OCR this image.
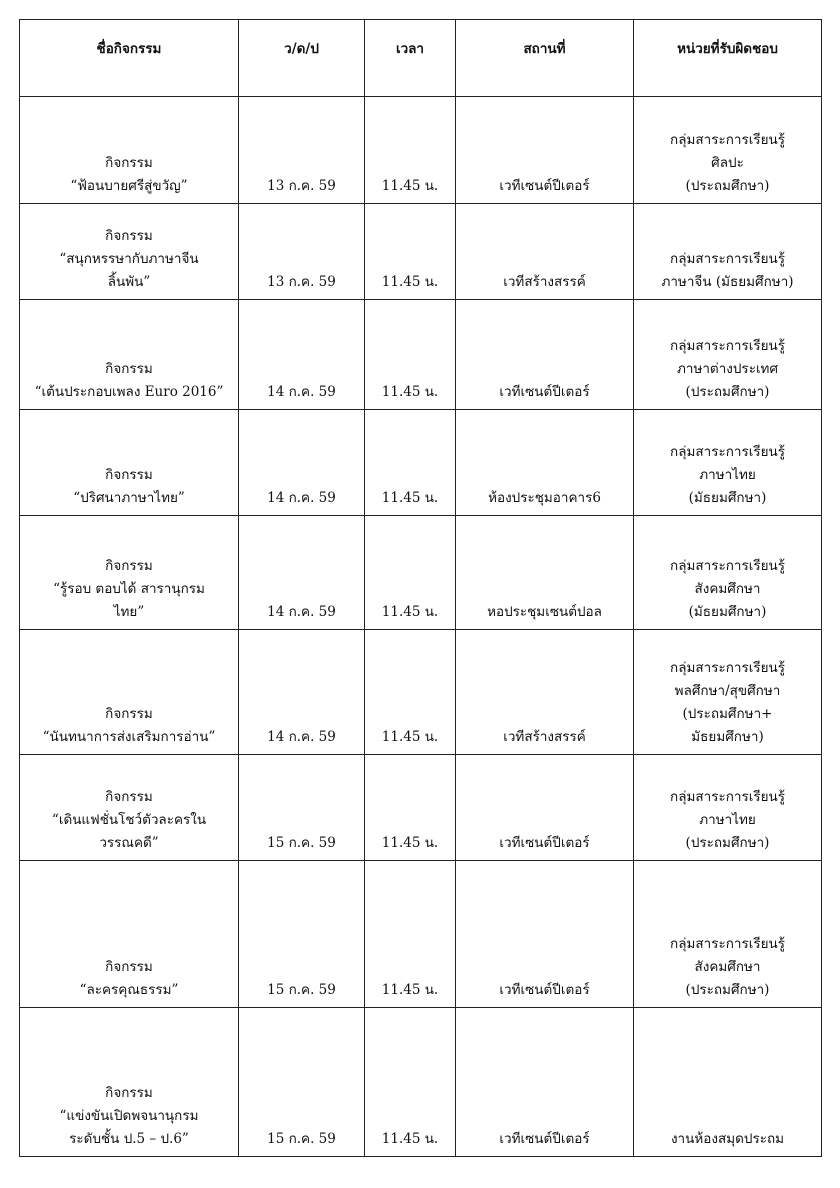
ชื่อกิจกรรม	ว/ด/ป	เวลา	สถานที่	หน่วยที่รับผิดชอบ

กิจกรรม
“ฟ้อนบายศรีสู่ขวัญ”	13 ก.ค. 59	11.45 น.	เวทีเซนต์ปีเตอร์	กลุ่มสาระการเรียนรู้
ศิลปะ
(ประถมศึกษา)

กิจกรรม
“สนุกหรรษากับภาษาจีน
ลิ้นพัน”	13 ก.ค. 59	11.45 น.	เวทีสร้างสรรค์	กลุ่มสาระการเรียนรู้
ภาษาจีน (มัธยมศึกษา)

กิจกรรม
“เต้นประกอบเพลง Euro 2016”	14 ก.ค. 59	11.45 น.	เวทีเซนต์ปีเตอร์	กลุ่มสาระการเรียนรู้
ภาษาต่างประเทศ
(ประถมศึกษา)

กิจกรรม
“ปริศนาภาษาไทย”	14 ก.ค. 59	11.45 น.	ห้องประชุมอาคาร6	กลุ่มสาระการเรียนรู้
ภาษาไทย
(มัธยมศึกษา)

กิจกรรม
“รู้รอบ ตอบได้ สารานุกรม
ไทย”	14 ก.ค. 59	11.45 น.	หอประชุมเซนต์ปอล	กลุ่มสาระการเรียนรู้
สังคมศึกษา
(มัธยมศึกษา)

กิจกรรม
“นันทนาการส่งเสริมการอ่าน”	14 ก.ค. 59	11.45 น.	เวทีสร้างสรรค์	กลุ่มสาระการเรียนรู้
พลศึกษา/สุขศึกษา
(ประถมศึกษา+
มัธยมศึกษา)

กิจกรรม
“เดินแฟชั่นโชว์ตัวละครใน
วรรณคดี”	15 ก.ค. 59	11.45 น.	เวทีเซนต์ปีเตอร์	กลุ่มสาระการเรียนรู้
ภาษาไทย
(ประถมศึกษา)

กิจกรรม
“ละครคุณธรรม”	15 ก.ค. 59	11.45 น.	เวทีเซนต์ปีเตอร์	กลุ่มสาระการเรียนรู้
สังคมศึกษา
(ประถมศึกษา)

กิจกรรม
“แข่งขันเปิดพจนานุกรม
ระดับชั้น ป.5 – ป.6”	15 ก.ค. 59	11.45 น.	เวทีเซนต์ปีเตอร์	งานห้องสมุดประถม
